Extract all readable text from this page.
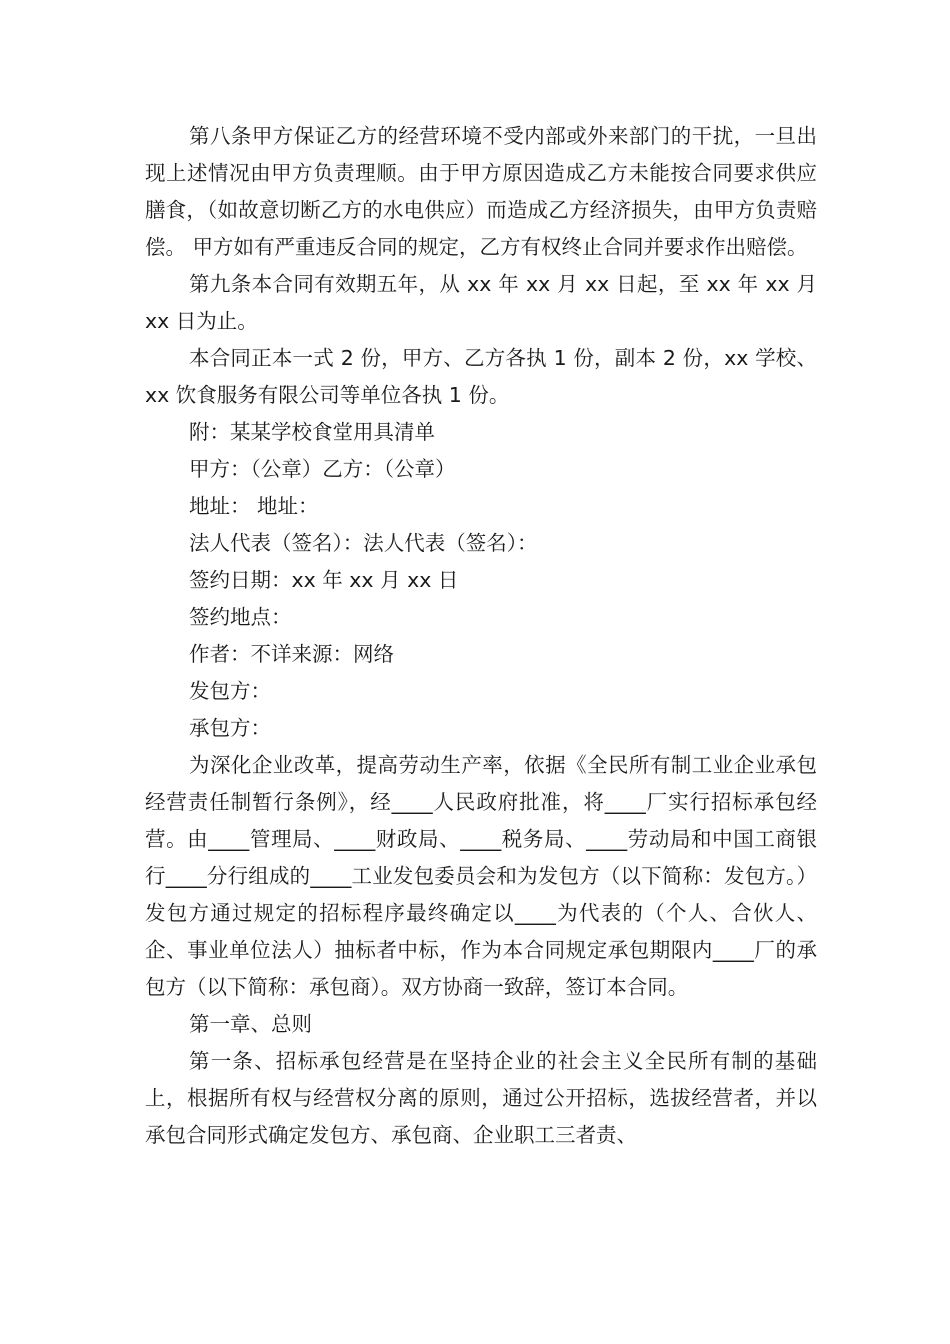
第八条甲方保证乙方的经营环境不受内部或外来部门的干扰，一旦出现上述情况由甲方负责理顺。由于甲方原因造成乙方未能按合同要求供应膳食，（如故意切断乙方的水电供应）而造成乙方经济损失，由甲方负责赔偿。 甲方如有严重违反合同的规定，乙方有权终止合同并要求作出赔偿。

第九条本合同有效期五年，从 xx 年 xx 月 xx 日起，至 xx 年 xx 月 xx 日为止。

本合同正本一式 2 份，甲方、乙方各执 1 份，副本 2 份，xx 学校、xx 饮食服务有限公司等单位各执 1 份。

附：某某学校食堂用具清单

甲方：（公章）乙方：（公章）

地址： 地址：

法人代表（签名）：法人代表（签名）：

签约日期：xx 年 xx 月 xx 日

签约地点：

作者：不详来源：网络

发包方：

承包方：

为深化企业改革，提高劳动生产率，依据《全民所有制工业企业承包经营责任制暂行条例》，经____人民政府批准，将____厂实行招标承包经营。由____管理局、____财政局、____税务局、____劳动局和中国工商银行____分行组成的____工业发包委员会和为发包方（以下简称：发包方。）发包方通过规定的招标程序最终确定以____为代表的（个人、合伙人、企、事业单位法人）抽标者中标，作为本合同规定承包期限内____厂的承包方（以下简称：承包商）。双方协商一致辞，签订本合同。

第一章、总则

第一条、招标承包经营是在坚持企业的社会主义全民所有制的基础上，根据所有权与经营权分离的原则，通过公开招标，选拔经营者，并以承包合同形式确定发包方、承包商、企业职工三者责、
